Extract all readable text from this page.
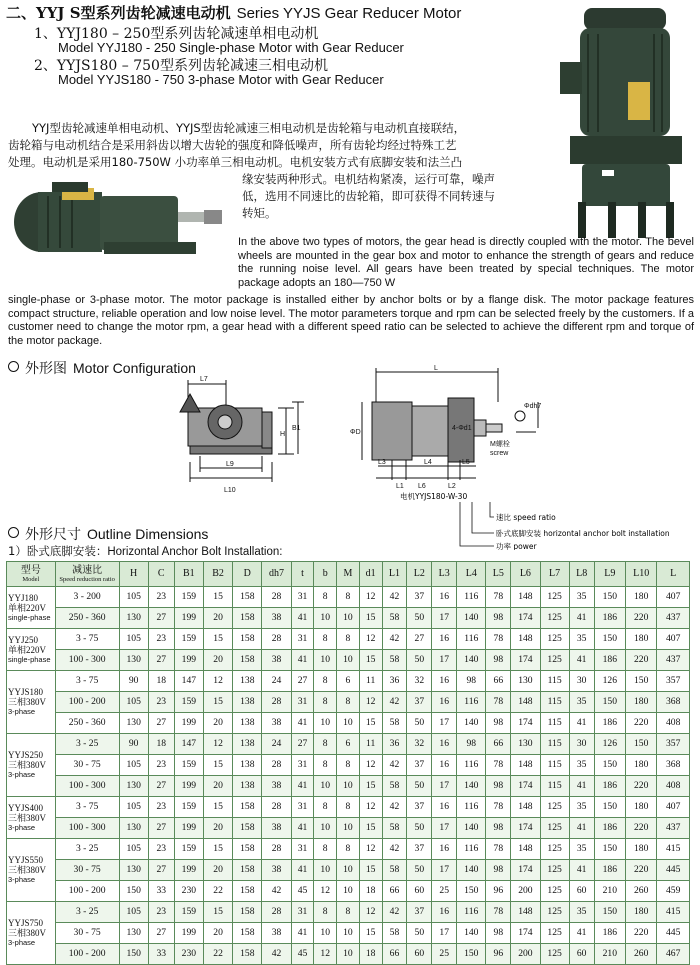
二、YYJ S型系列齿轮减速电动机 Series YYJS Gear Reducer Motor
1、YYJ180 – 250型系列齿轮减速单相电动机
Model YYJ180 - 250 Single-phase Motor with Gear Reducer
2、YYJS180 – 750型系列齿轮减速三相电动机
Model YYJS180 - 750 3-phase Motor with Gear Reducer
YYJ型齿轮减速单相电动机、YYJS型齿轮减速三相电动机是齿轮箱与电动机直接联结，
齿轮箱与电动机结合是采用斜齿以增大齿轮的强度和降低噪声，所有齿轮均经过特殊工艺
处理。电动机是采用180-750W 小功率单三相电动机。电机安装方式有底脚安装和法兰凸
缘安装两种形式。电机结构紧凑，运行可靠，噪声
低，选用不同速比的齿轮箱，即可获得不同转速与
转矩。
In the above two types of motors, the gear head is directly coupled with the motor. The bevel wheels are mounted in the gear box and motor to enhance the strength of gears and reduce the running noise level. All gears have been treated by special techniques. The motor package adopts an 180—750 W
single-phase or 3-phase motor. The motor package is installed either by anchor bolts or by a flange disk. The motor package features compact structure, reliable operation and low noise level. The motor parameters torque and rpm can be selected freely by the customers. If a customer need to change the motor rpm, a gear head with a different speed ratio can be selected to achieve the different rpm and torque of the motor package.
外形图 Motor Configuration
L7
H
B1
L9
L10
L
ΦD
Φdh7
4-Φd1
M螺栓
screw
L3	L4	L5
L6
L1	L2
电机YYJS180-W-30
速比 speed ratio
卧式底脚安装 horizontal anchor bolt installation
功率 power
外形尺寸 Outline Dimensions
1）卧式底脚安装：Horizontal Anchor Bolt Installation:
型号
Model	减速比
Speed reduction ratio	H	C	B1	B2	D	dh7	t	b	M	d1	L1	L2	L3	L4	L5	L6	L7	L8	L9	L10	L

YYJ180
单相220V
single-phase	3 - 200	105	23	159	15	158	28	31	8	8	12	42	37	16	116	78	148	125	35	150	180	407
	250 - 360	130	27	199	20	158	38	41	10	10	15	58	50	17	140	98	174	125	41	186	220	437

YYJ250
单相220V
single-phase	3 - 75	105	23	159	15	158	28	31	8	8	12	42	27	16	116	78	148	125	35	150	180	407
	100 - 300	130	27	199	20	158	38	41	10	10	15	58	50	17	140	98	174	125	41	186	220	437

YYJS180
三相380V
3-phase	3 - 75	90	18	147	12	138	24	27	8	6	11	36	32	16	98	66	130	115	30	126	150	357
	100 - 200	105	23	159	15	138	28	31	8	8	12	42	37	16	116	78	148	115	35	150	180	368
	250 - 360	130	27	199	20	138	38	41	10	10	15	58	50	17	140	98	174	115	41	186	220	408

YYJS250
三相380V
3-phase	3 - 25	90	18	147	12	138	24	27	8	6	11	36	32	16	98	66	130	115	30	126	150	357
	30 - 75	105	23	159	15	138	28	31	8	8	12	42	37	16	116	78	148	115	35	150	180	368
	100 - 300	130	27	199	20	138	38	41	10	10	15	58	50	17	140	98	174	115	41	186	220	408

YYJS400
三相380V
3-phase	3 - 75	105	23	159	15	158	28	31	8	8	12	42	37	16	116	78	148	125	35	150	180	407
	100 - 300	130	27	199	20	158	38	41	10	10	15	58	50	17	140	98	174	125	41	186	220	437

YYJS550
三相380V
3-phase	3 - 25	105	23	159	15	158	28	31	8	8	12	42	37	16	116	78	148	125	35	150	180	415
	30 - 75	130	27	199	20	158	38	41	10	10	15	58	50	17	140	98	174	125	41	186	220	445
	100 - 200	150	33	230	22	158	42	45	12	10	18	66	60	25	150	96	200	125	60	210	260	459

YYJS750
三相380V
3-phase	3 - 25	105	23	159	15	158	28	31	8	8	12	42	37	16	116	78	148	125	35	150	180	415
	30 - 75	130	27	199	20	158	38	41	10	10	15	58	50	17	140	98	174	125	41	186	220	445
	100 - 200	150	33	230	22	158	42	45	12	10	18	66	60	25	150	96	200	125	60	210	260	467
